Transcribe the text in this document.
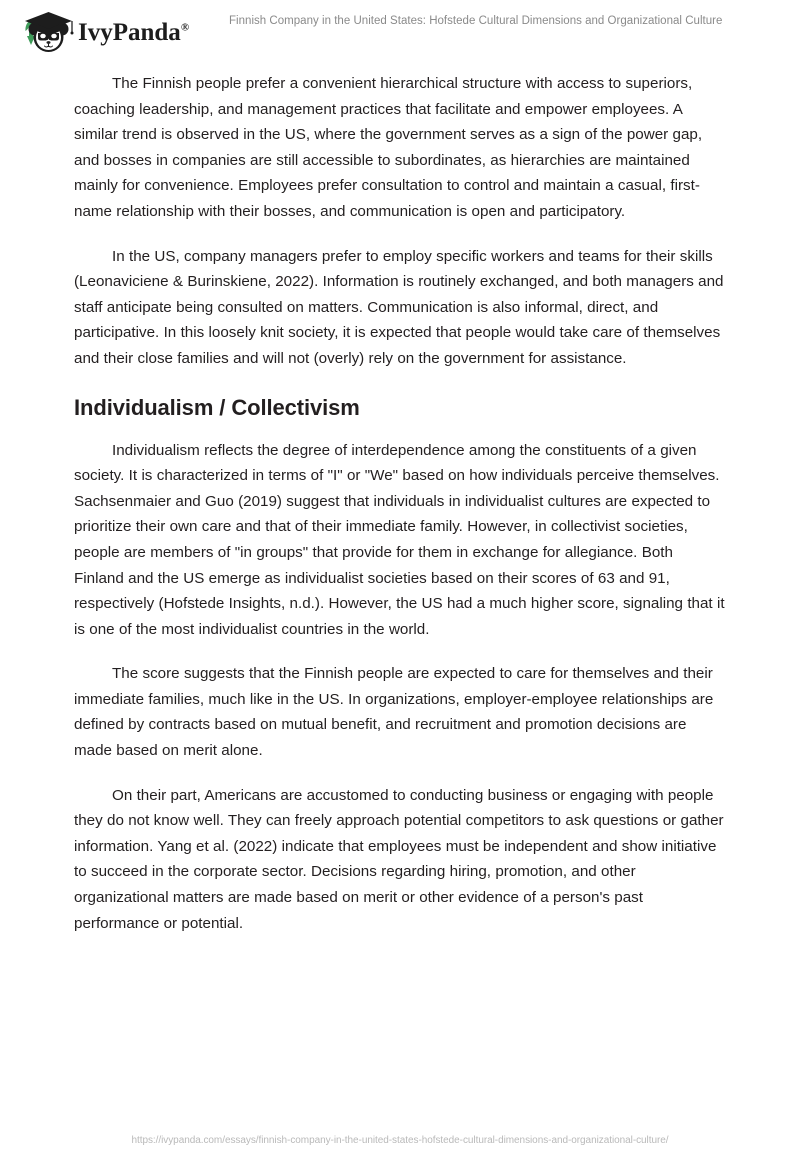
IvyPanda®
Finnish Company in the United States: Hofstede Cultural Dimensions and Organizational Culture

The Finnish people prefer a convenient hierarchical structure with access to superiors, coaching leadership, and management practices that facilitate and empower employees. A similar trend is observed in the US, where the government serves as a sign of the power gap, and bosses in companies are still accessible to subordinates, as hierarchies are maintained mainly for convenience. Employees prefer consultation to control and maintain a casual, first-name relationship with their bosses, and communication is open and participatory.

In the US, company managers prefer to employ specific workers and teams for their skills (Leonaviciene & Burinskiene, 2022). Information is routinely exchanged, and both managers and staff anticipate being consulted on matters. Communication is also informal, direct, and participative. In this loosely knit society, it is expected that people would take care of themselves and their close families and will not (overly) rely on the government for assistance.

Individualism / Collectivism

Individualism reflects the degree of interdependence among the constituents of a given society. It is characterized in terms of "I" or "We" based on how individuals perceive themselves. Sachsenmaier and Guo (2019) suggest that individuals in individualist cultures are expected to prioritize their own care and that of their immediate family. However, in collectivist societies, people are members of "in groups" that provide for them in exchange for allegiance. Both Finland and the US emerge as individualist societies based on their scores of 63 and 91, respectively (Hofstede Insights, n.d.). However, the US had a much higher score, signaling that it is one of the most individualist countries in the world.

The score suggests that the Finnish people are expected to care for themselves and their immediate families, much like in the US. In organizations, employer-employee relationships are defined by contracts based on mutual benefit, and recruitment and promotion decisions are made based on merit alone.

On their part, Americans are accustomed to conducting business or engaging with people they do not know well. They can freely approach potential competitors to ask questions or gather information. Yang et al. (2022) indicate that employees must be independent and show initiative to succeed in the corporate sector. Decisions regarding hiring, promotion, and other organizational matters are made based on merit or other evidence of a person's past performance or potential.

https://ivypanda.com/essays/finnish-company-in-the-united-states-hofstede-cultural-dimensions-and-organizational-culture/
